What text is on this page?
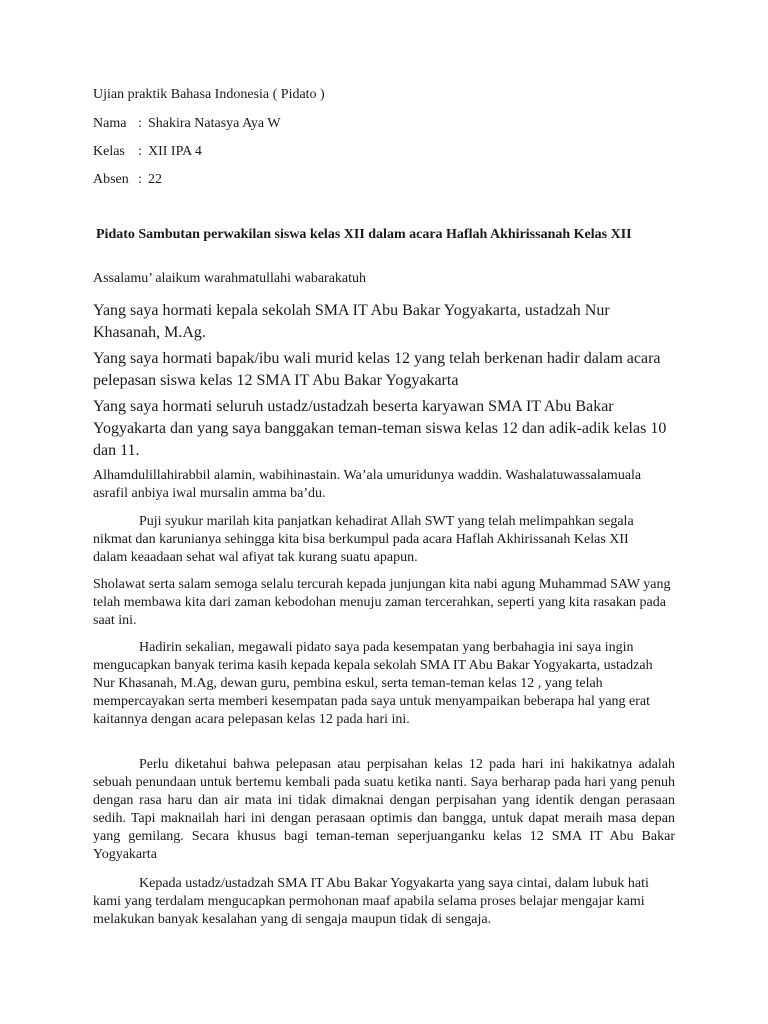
Ujian praktik Bahasa Indonesia ( Pidato )

Nama : Shakira Natasya Aya W
Kelas : XII IPA 4
Absen : 22

Pidato Sambutan perwakilan siswa kelas XII dalam acara Haflah Akhirissanah Kelas XII

Assalamu’ alaikum warahmatullahi wabarakatuh

Yang saya hormati kepala sekolah SMA IT Abu Bakar Yogyakarta, ustadzah Nur Khasanah, M.Ag.

Yang saya hormati bapak/ibu wali murid kelas 12 yang telah berkenan hadir dalam acara pelepasan siswa kelas 12 SMA IT Abu Bakar Yogyakarta

Yang saya hormati seluruh ustadz/ustadzah beserta karyawan SMA IT Abu Bakar Yogyakarta dan yang saya banggakan teman-teman siswa kelas 12 dan adik-adik kelas 10 dan 11.

Alhamdulillahirabbil alamin, wabihinastain. Wa’ala umuridunya waddin. Washalatuwassalamuala asrafil anbiya iwal mursalin amma ba’du.

Puji syukur marilah kita panjatkan kehadirat Allah SWT yang telah melimpahkan segala nikmat dan karunianya sehingga kita bisa berkumpul pada acara Haflah Akhirissanah Kelas XII dalam keaadaan sehat wal afiyat tak kurang suatu apapun.

Sholawat serta salam semoga selalu tercurah kepada junjungan kita nabi agung Muhammad SAW yang telah membawa kita dari zaman kebodohan menuju zaman tercerahkan, seperti yang kita rasakan pada saat ini.

Hadirin sekalian, megawali pidato saya pada kesempatan yang berbahagia ini saya ingin mengucapkan banyak terima kasih kepada kepala sekolah SMA IT Abu Bakar Yogyakarta, ustadzah Nur Khasanah, M.Ag, dewan guru, pembina eskul, serta teman-teman kelas 12 , yang telah mempercayakan serta memberi kesempatan pada saya untuk menyampaikan beberapa hal yang erat kaitannya dengan acara pelepasan kelas 12 pada hari ini.

Perlu diketahui bahwa pelepasan atau perpisahan kelas 12 pada hari ini hakikatnya adalah sebuah penundaan untuk bertemu kembali pada suatu ketika nanti. Saya berharap pada hari yang penuh dengan rasa haru dan air mata ini tidak dimaknai dengan perpisahan yang identik dengan perasaan sedih. Tapi maknailah hari ini dengan perasaan optimis dan bangga, untuk dapat meraih masa depan yang gemilang. Secara khusus bagi teman-teman seperjuanganku kelas 12 SMA IT Abu Bakar Yogyakarta

Kepada ustadz/ustadzah SMA IT Abu Bakar Yogyakarta yang saya cintai, dalam lubuk hati kami yang terdalam mengucapkan permohonan maaf apabila selama proses belajar mengajar kami melakukan banyak kesalahan yang di sengaja maupun tidak di sengaja.
